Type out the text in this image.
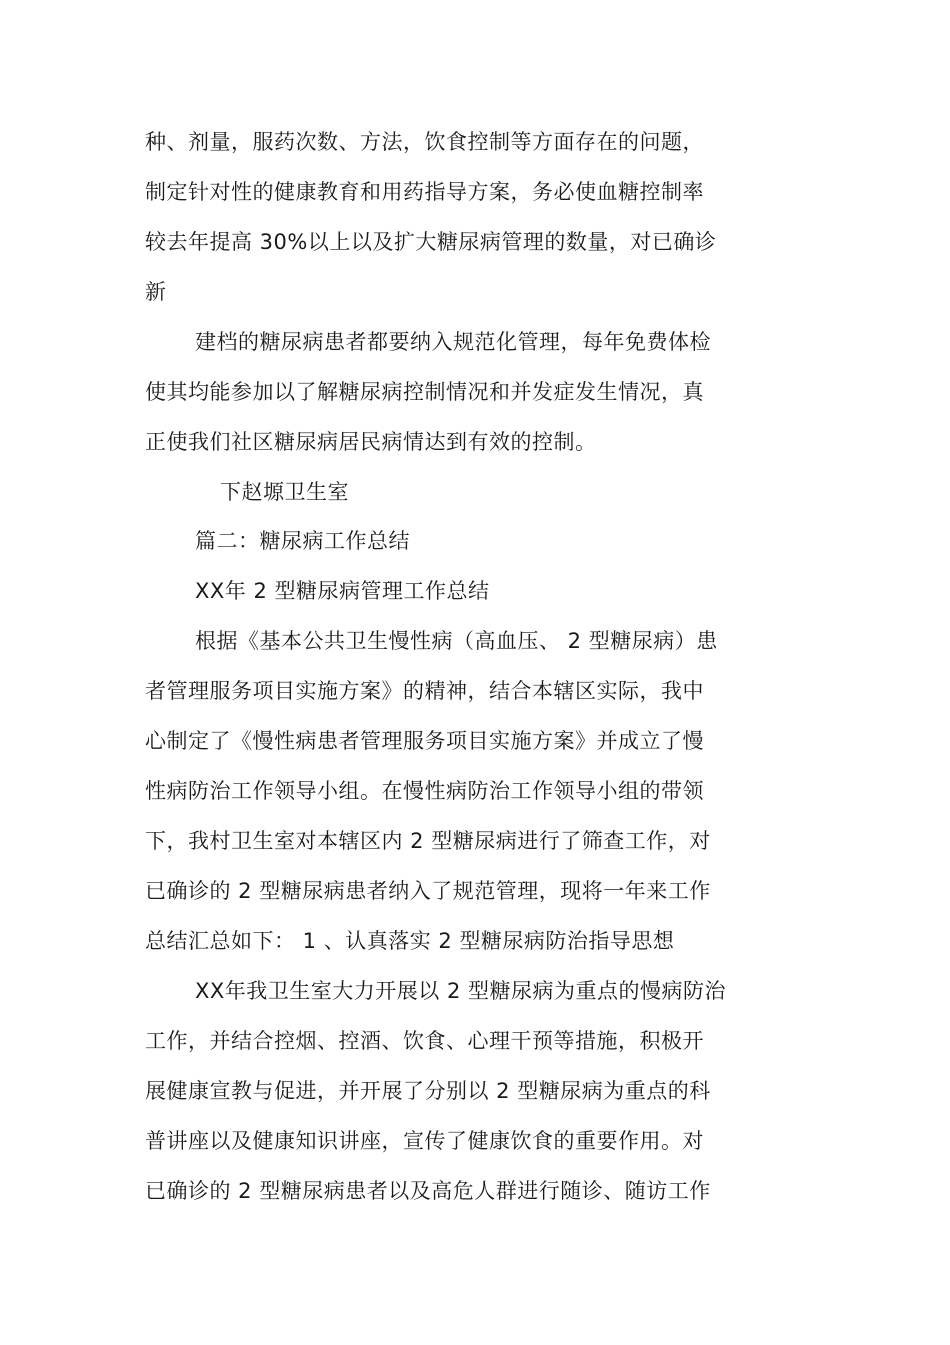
种、剂量，服药次数、方法，饮食控制等方面存在的问题，
制定针对性的健康教育和用药指导方案，务必使血糖控制率
较去年提高 30%以上以及扩大糖尿病管理的数量，对已确诊
新
建档的糖尿病患者都要纳入规范化管理，每年免费体检
使其均能参加以了解糖尿病控制情况和并发症发生情况，真
正使我们社区糖尿病居民病情达到有效的控制。
下赵塬卫生室
篇二：糖尿病工作总结
XX年 2 型糖尿病管理工作总结
根据《基本公共卫生慢性病（高血压、 2 型糖尿病）患
者管理服务项目实施方案》的精神，结合本辖区实际，我中
心制定了《慢性病患者管理服务项目实施方案》并成立了慢
性病防治工作领导小组。在慢性病防治工作领导小组的带领
下，我村卫生室对本辖区内 2 型糖尿病进行了筛查工作，对
已确诊的 2 型糖尿病患者纳入了规范管理，现将一年来工作
总结汇总如下： 1 、认真落实 2 型糖尿病防治指导思想
XX年我卫生室大力开展以 2 型糖尿病为重点的慢病防治
工作，并结合控烟、控酒、饮食、心理干预等措施，积极开
展健康宣教与促进，并开展了分别以 2 型糖尿病为重点的科
普讲座以及健康知识讲座，宣传了健康饮食的重要作用。对
已确诊的 2 型糖尿病患者以及高危人群进行随诊、随访工作
